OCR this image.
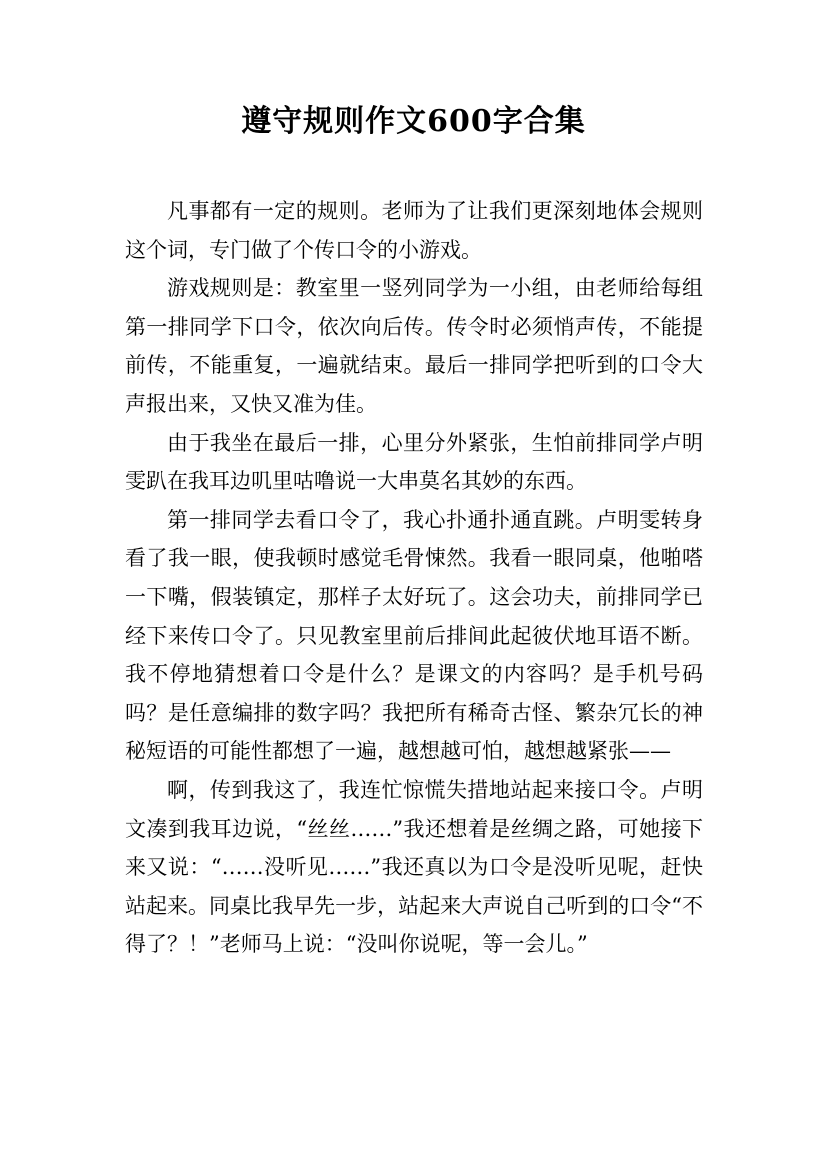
遵守规则作文600字合集

凡事都有一定的规则。老师为了让我们更深刻地体会规则这个词，专门做了个传口令的小游戏。

游戏规则是：教室里一竖列同学为一小组，由老师给每组第一排同学下口令，依次向后传。传令时必须悄声传，不能提前传，不能重复，一遍就结束。最后一排同学把听到的口令大声报出来，又快又准为佳。

由于我坐在最后一排，心里分外紧张，生怕前排同学卢明雯趴在我耳边叽里咕噜说一大串莫名其妙的东西。

第一排同学去看口令了，我心扑通扑通直跳。卢明雯转身看了我一眼，使我顿时感觉毛骨悚然。我看一眼同桌，他啪嗒一下嘴，假装镇定，那样子太好玩了。这会功夫，前排同学已经下来传口令了。只见教室里前后排间此起彼伏地耳语不断。我不停地猜想着口令是什么？是课文的内容吗？是手机号码吗？是任意编排的数字吗？我把所有稀奇古怪、繁杂冗长的神秘短语的可能性都想了一遍，越想越可怕，越想越紧张——

啊，传到我这了，我连忙惊慌失措地站起来接口令。卢明文凑到我耳边说，“丝丝……”我还想着是丝绸之路，可她接下来又说：“……没听见……”我还真以为口令是没听见呢，赶快站起来。同桌比我早先一步，站起来大声说自己听到的口令“不得了？！”老师马上说：“没叫你说呢，等一会儿。”
